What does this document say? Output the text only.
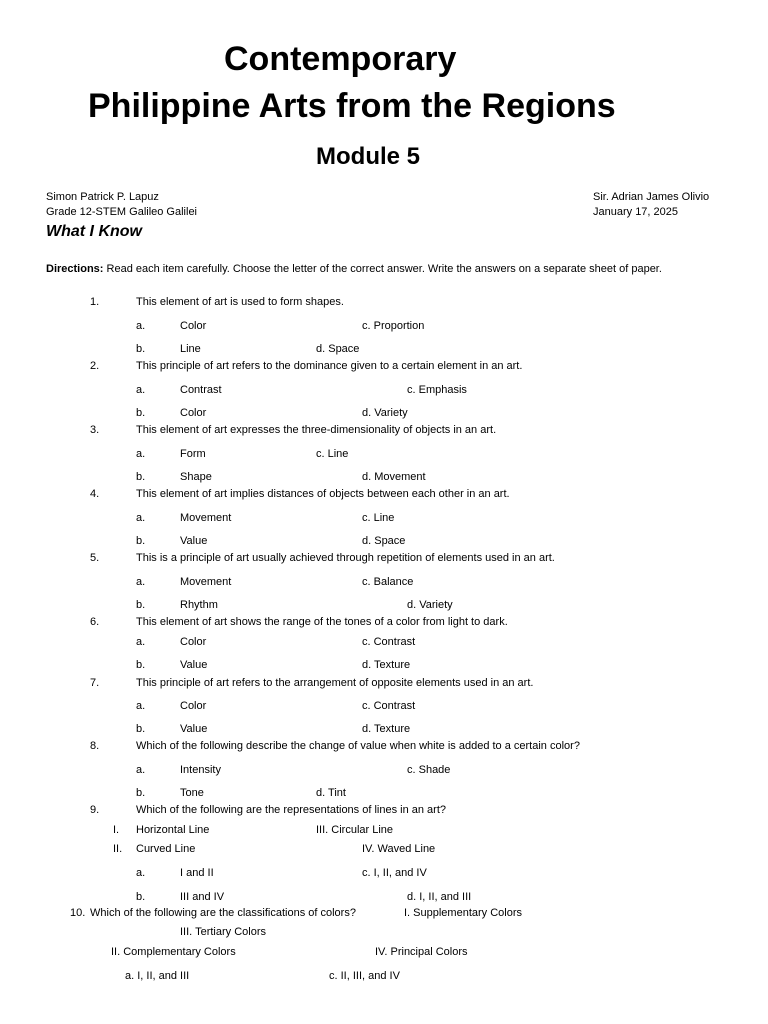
Contemporary
Philippine Arts from the Regions
Module 5
Simon Patrick P. Lapuz
Grade 12-STEM Galileo Galilei
Sir. Adrian James Olivio
January 17, 2025
What I Know
Directions: Read each item carefully. Choose the letter of the correct answer. Write the answers on a separate sheet of paper.
1.	This element of art is used to form shapes.
a.	Color	c. Proportion
b.	Line	d. Space
2.	This principle of art refers to the dominance given to a certain element in an art.
a.	Contrast	c. Emphasis
b.	Color	d. Variety
3.	This element of art expresses the three-dimensionality of objects in an art.
a.	Form	c. Line
b.	Shape	d. Movement
4.	This element of art implies distances of objects between each other in an art.
a.	Movement	c. Line
b.	Value	d. Space
5.	This is a principle of art usually achieved through repetition of elements used in an art.
a.	Movement	c. Balance
b.	Rhythm	d. Variety
6.	This element of art shows the range of the tones of a color from light to dark.
a.	Color	c. Contrast
b.	Value	d. Texture
7.	This principle of art refers to the arrangement of opposite elements used in an art.
a.	Color	c. Contrast
b.	Value	d. Texture
8.	Which of the following describe the change of value when white is added to a certain color?
a.	Intensity	c. Shade
b.	Tone	d. Tint
9.	Which of the following are the representations of lines in an art?
I. Horizontal Line	III. Circular Line
II. Curved Line	IV. Waved Line
a.	I and II	c. I, II, and IV
b.	III and IV	d. I, II, and III
10. Which of the following are the classifications of colors?	I. Supplementary Colors
III. Tertiary Colors
II. Complementary Colors	IV. Principal Colors
a. I, II, and III	c. II, III, and IV
